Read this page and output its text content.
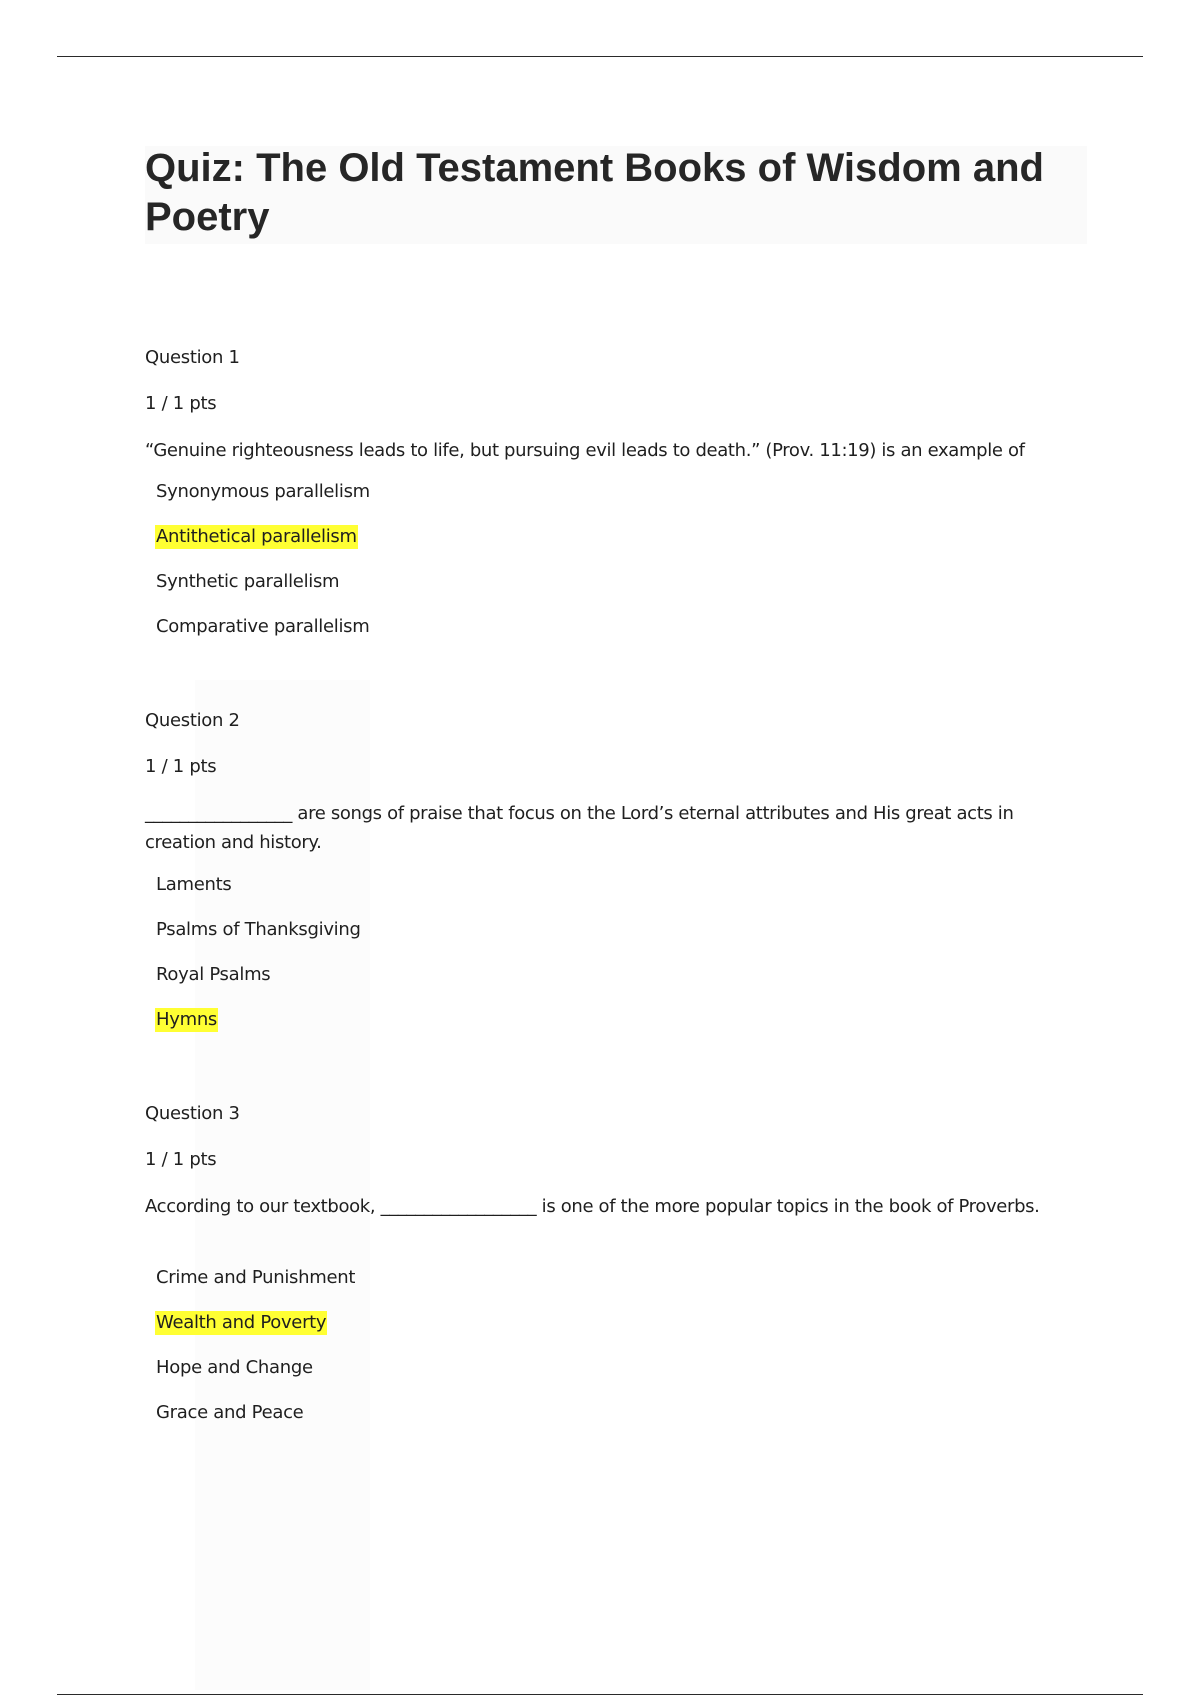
Quiz: The Old Testament Books of Wisdom and Poetry

Question 1

1 / 1 pts

“Genuine righteousness leads to life, but pursuing evil leads to death.” (Prov. 11:19) is an example of

Synonymous parallelism
Antithetical parallelism
Synthetic parallelism
Comparative parallelism

Question 2

1 / 1 pts

_________________ are songs of praise that focus on the Lord’s eternal attributes and His great acts in creation and history.

Laments
Psalms of Thanksgiving
Royal Psalms
Hymns

Question 3

1 / 1 pts

According to our textbook, __________________ is one of the more popular topics in the book of Proverbs.

Crime and Punishment
Wealth and Poverty
Hope and Change
Grace and Peace
